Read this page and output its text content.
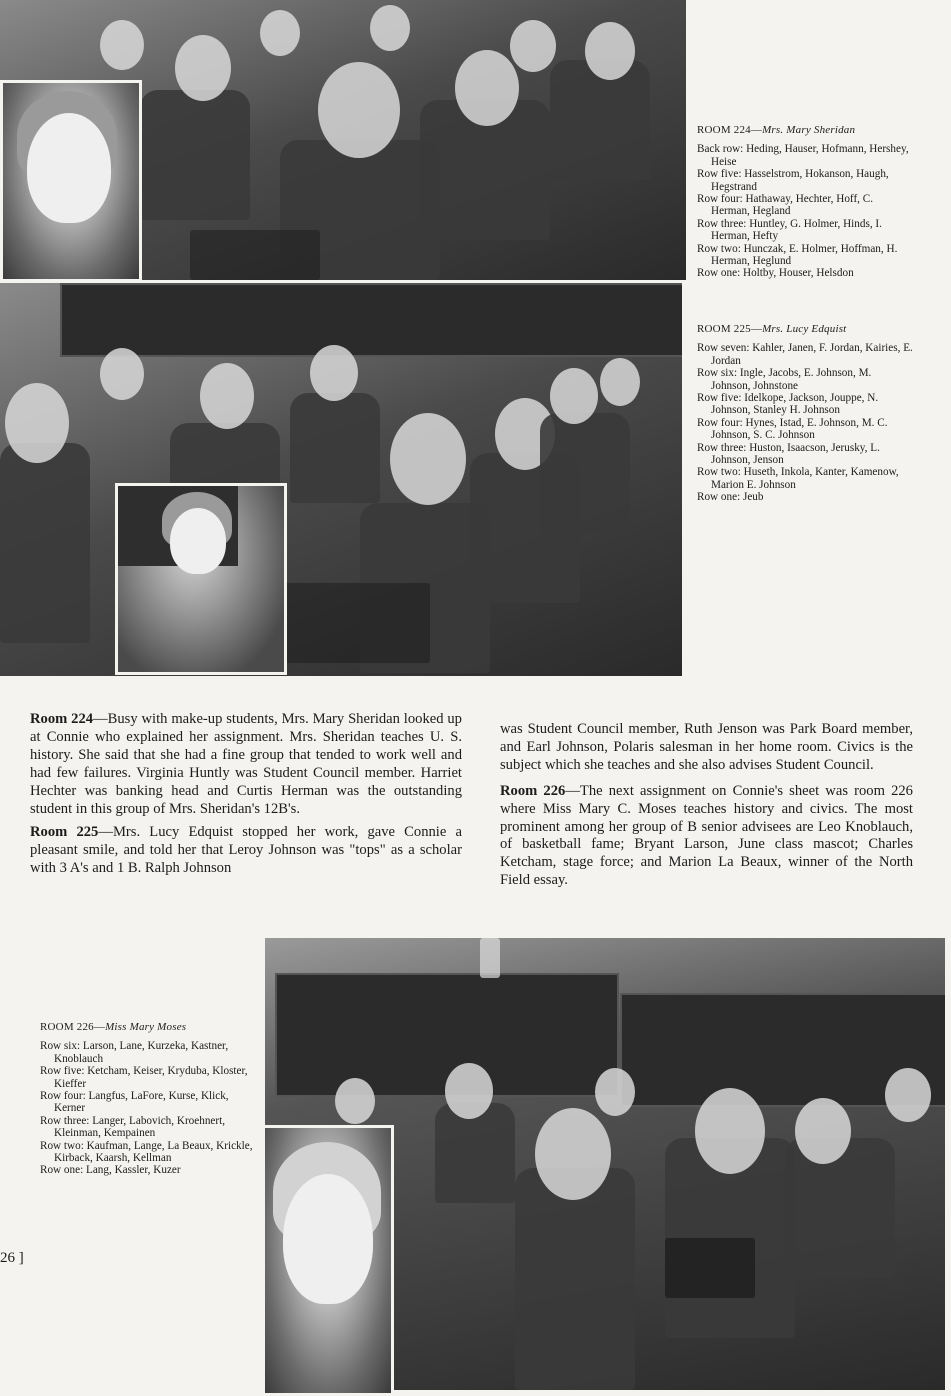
ROOM 224—Mrs. Mary Sheridan
Back row: Heding, Hauser, Hofmann, Hershey, Heise
Row five: Hasselstrom, Hokanson, Haugh, Hegstrand
Row four: Hathaway, Hechter, Hoff, C. Herman, Hegland
Row three: Huntley, G. Holmer, Hinds, I. Herman, Hefty
Row two: Hunczak, E. Holmer, Hoffman, H. Herman, Heglund
Row one: Holtby, Houser, Helsdon
ROOM 225—Mrs. Lucy Edquist
Row seven: Kahler, Janen, F. Jordan, Kairies, E. Jordan
Row six: Ingle, Jacobs, E. Johnson, M. Johnson, Johnstone
Row five: Idelkope, Jackson, Jouppe, N. Johnson, Stanley H. Johnson
Row four: Hynes, Istad, E. Johnson, M. C. Johnson, S. C. Johnson
Row three: Huston, Isaacson, Jerusky, L. Johnson, Jenson
Row two: Huseth, Inkola, Kanter, Kamenow, Marion E. Johnson
Row one: Jeub

Room 224—Busy with make-up students, Mrs. Mary Sheridan looked up at Connie who explained her assignment. Mrs. Sheridan teaches U. S. history. She said that she had a fine group that tended to work well and had few failures. Virginia Huntly was Student Council member. Harriet Hechter was banking head and Curtis Herman was the outstanding student in this group of Mrs. Sheridan's 12B's.

Room 225—Mrs. Lucy Edquist stopped her work, gave Connie a pleasant smile, and told her that Leroy Johnson was "tops" as a scholar with 3 A's and 1 B. Ralph Johnson

was Student Council member, Ruth Jenson was Park Board member, and Earl Johnson, Polaris salesman in her home room. Civics is the subject which she teaches and she also advises Student Council.

Room 226—The next assignment on Connie's sheet was room 226 where Miss Mary C. Moses teaches history and civics. The most prominent among her group of B senior advisees are Leo Knoblauch, of basketball fame; Bryant Larson, June class mascot; Charles Ketcham, stage force; and Marion La Beaux, winner of the North Field essay.

ROOM 226—Miss Mary Moses
Row six: Larson, Lane, Kurzeka, Kastner, Knoblauch
Row five: Ketcham, Keiser, Kryduba, Kloster, Kieffer
Row four: Langfus, LaFore, Kurse, Klick, Kerner
Row three: Langer, Labovich, Kroehnert, Kleinman, Kempainen
Row two: Kaufman, Lange, La Beaux, Krickle, Kirback, Kaarsh, Kellman
Row one: Lang, Kassler, Kuzer
26 ]
